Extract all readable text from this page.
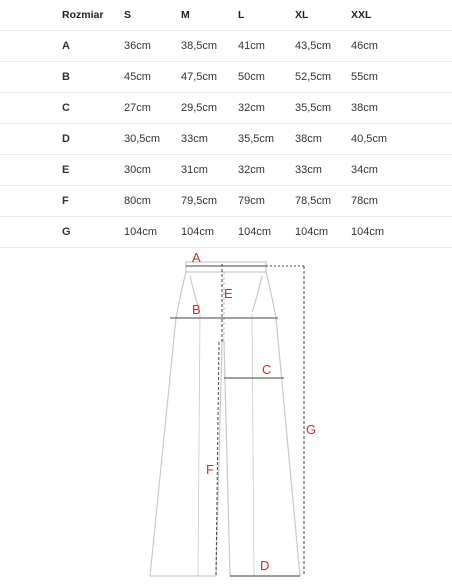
Rozmiar	S	M	L	XL	XXL
A	36cm	38,5cm	41cm	43,5cm	46cm
B	45cm	47,5cm	50cm	52,5cm	55cm
C	27cm	29,5cm	32cm	35,5cm	38cm
D	30,5cm	33cm	35,5cm	38cm	40,5cm
E	30cm	31cm	32cm	33cm	34cm
F	80cm	79,5cm	79cm	78,5cm	78cm
G	104cm	104cm	104cm	104cm	104cm
A
B
C
D
E
F
G
